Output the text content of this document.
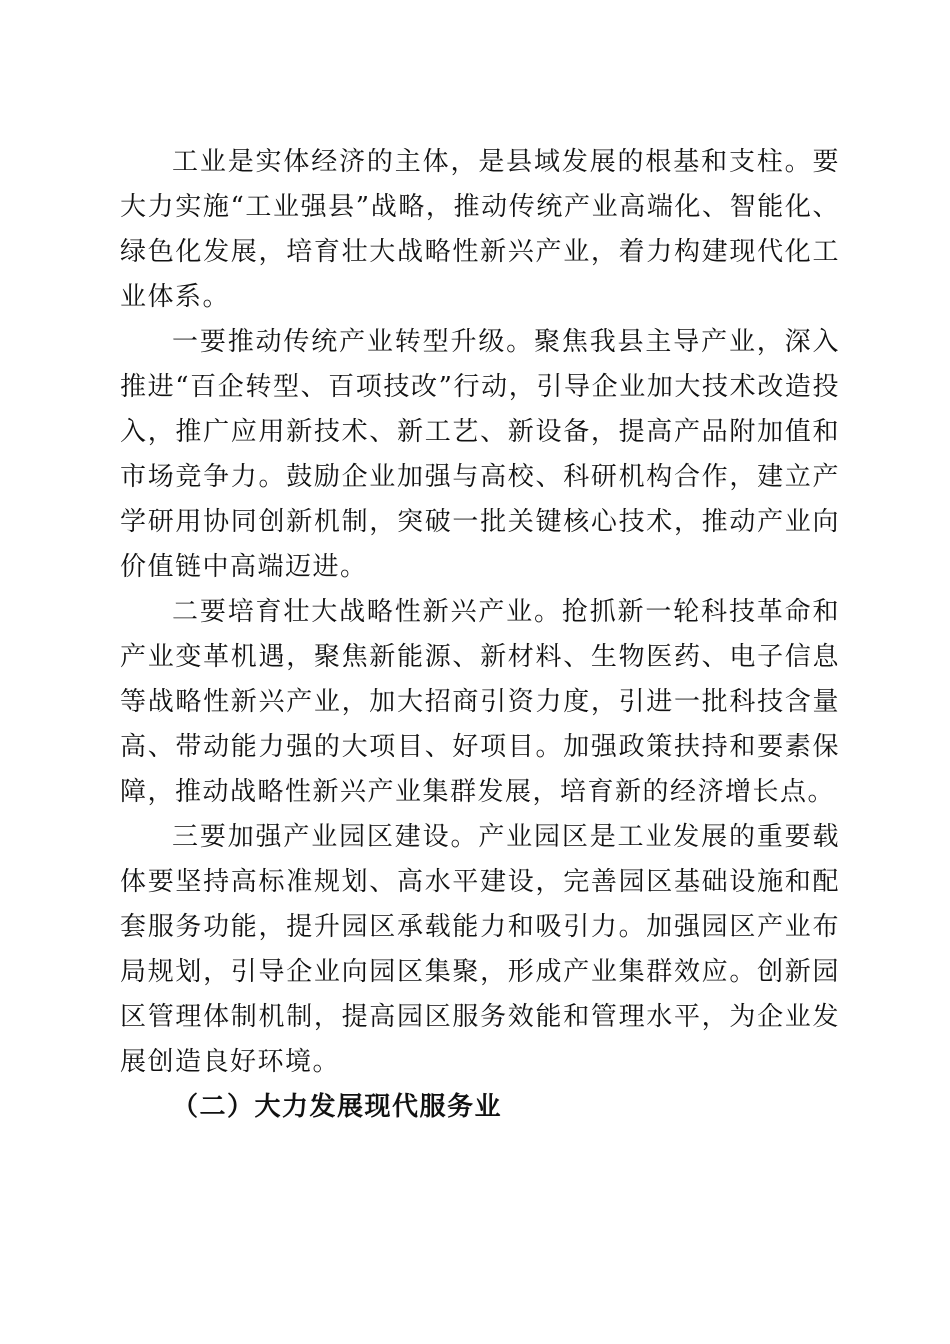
工业是实体经济的主体，是县域发展的根基和支柱。要大力实施“工业强县”战略，推动传统产业高端化、智能化、绿色化发展，培育壮大战略性新兴产业，着力构建现代化工业体系。

一要推动传统产业转型升级。聚焦我县主导产业，深入推进“百企转型、百项技改”行动，引导企业加大技术改造投入，推广应用新技术、新工艺、新设备，提高产品附加值和市场竞争力。鼓励企业加强与高校、科研机构合作，建立产学研用协同创新机制，突破一批关键核心技术，推动产业向价值链中高端迈进。

二要培育壮大战略性新兴产业。抢抓新一轮科技革命和产业变革机遇，聚焦新能源、新材料、生物医药、电子信息等战略性新兴产业，加大招商引资力度，引进一批科技含量高、带动能力强的大项目、好项目。加强政策扶持和要素保障，推动战略性新兴产业集群发展，培育新的经济增长点。

三要加强产业园区建设。产业园区是工业发展的重要载体要坚持高标准规划、高水平建设，完善园区基础设施和配套服务功能，提升园区承载能力和吸引力。加强园区产业布局规划，引导企业向园区集聚，形成产业集群效应。创新园区管理体制机制，提高园区服务效能和管理水平，为企业发展创造良好环境。

（二）大力发展现代服务业
